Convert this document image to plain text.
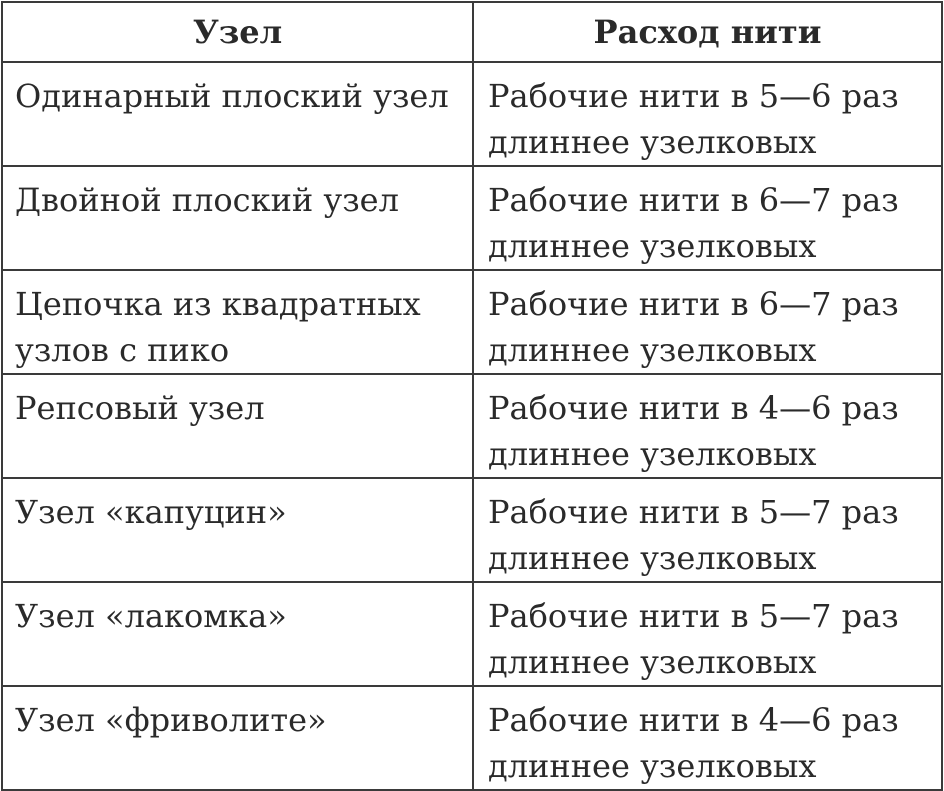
Узел	Расход нити

Одинарный плоский узел	Рабочие нити в 5—6 раз длиннее узелковых

Двойной плоский узел	Рабочие нити в 6—7 раз длиннее узелковых

Цепочка из квадратных узлов с пико	Рабочие нити в 6—7 раз длиннее узелковых

Репсовый узел	Рабочие нити в 4—6 раз длиннее узелковых

Узел «капуцин»	Рабочие нити в 5—7 раз длиннее узелковых

Узел «лакомка»	Рабочие нити в 5—7 раз длиннее узелковых

Узел «фриволите»	Рабочие нити в 4—6 раз длиннее узелковых
